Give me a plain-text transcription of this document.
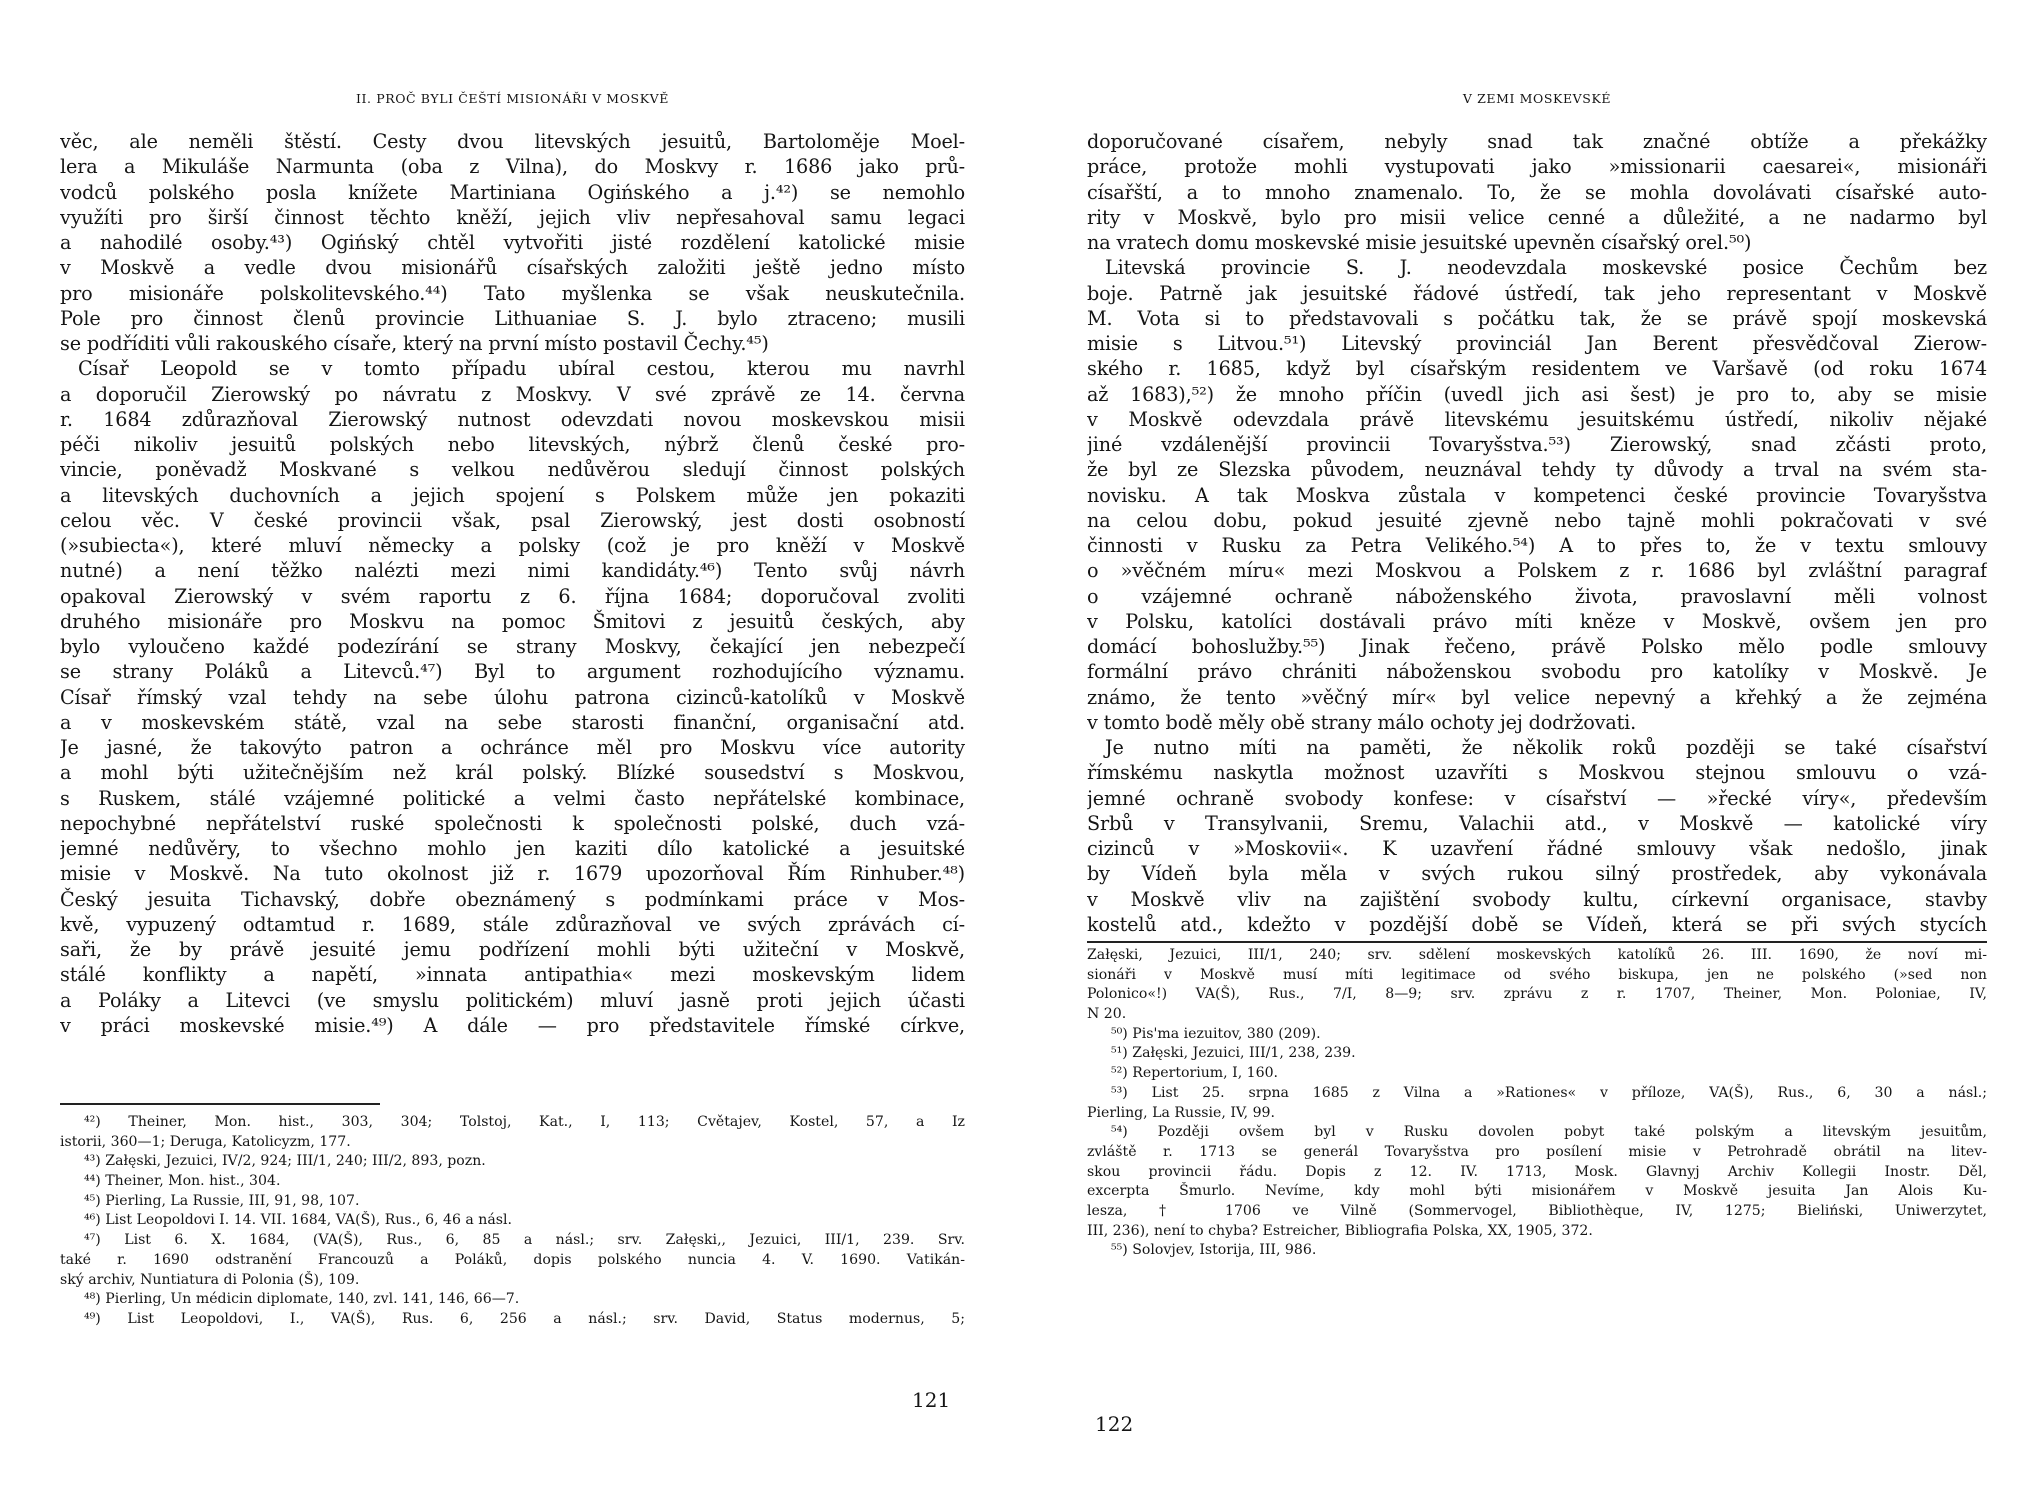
II. PROČ BYLI ČEŠTÍ MISIONÁŘI V MOSKVĚ
věc, ale neměli štěstí. Cesty dvou litevských jesuitů, Bartoloměje Moel-
lera a Mikuláše Narmunta (oba z Vilna), do Moskvy r. 1686 jako prů-
vodců polského posla knížete Martiniana Ogińského a j.⁴²) se nemohlo
využíti pro širší činnost těchto kněží, jejich vliv nepřesahoval samu legaci
a nahodilé osoby.⁴³) Ogińský chtěl vytvořiti jisté rozdělení katolické misie
v Moskvě a vedle dvou misionářů císařských založiti ještě jedno místo
pro misionáře polskolitevského.⁴⁴) Tato myšlenka se však neuskutečnila.
Pole pro činnost členů provincie Lithuaniae S. J. bylo ztraceno; musili
se podříditi vůli rakouského císaře, který na první místo postavil Čechy.⁴⁵)
Císař Leopold se v tomto případu ubíral cestou, kterou mu navrhl
a doporučil Zierowský po návratu z Moskvy. V své zprávě ze 14. června
r. 1684 zdůrazňoval Zierowský nutnost odevzdati novou moskevskou misii
péči nikoliv jesuitů polských nebo litevských, nýbrž členů české pro-
vincie, poněvadž Moskvané s velkou nedůvěrou sledují činnost polských
a litevských duchovních a jejich spojení s Polskem může jen pokaziti
celou věc. V české provincii však, psal Zierowský, jest dosti osobností
(»subiecta«), které mluví německy a polsky (což je pro kněží v Moskvě
nutné) a není těžko nalézti mezi nimi kandidáty.⁴⁶) Tento svůj návrh
opakoval Zierowský v svém raportu z 6. října 1684; doporučoval zvoliti
druhého misionáře pro Moskvu na pomoc Šmitovi z jesuitů českých, aby
bylo vyloučeno každé podezírání se strany Moskvy, čekající jen nebezpečí
se strany Poláků a Litevců.⁴⁷) Byl to argument rozhodujícího významu.
Císař římský vzal tehdy na sebe úlohu patrona cizinců-katolíků v Moskvě
a v moskevském státě, vzal na sebe starosti finanční, organisační atd.
Je jasné, že takovýto patron a ochránce měl pro Moskvu více autority
a mohl býti užitečnějším než král polský. Blízké sousedství s Moskvou,
s Ruskem, stálé vzájemné politické a velmi často nepřátelské kombinace,
nepochybné nepřátelství ruské společnosti k společnosti polské, duch vzá-
jemné nedůvěry, to všechno mohlo jen kaziti dílo katolické a jesuitské
misie v Moskvě. Na tuto okolnost již r. 1679 upozorňoval Řím Rinhuber.⁴⁸)
Český jesuita Tichavský, dobře obeznámený s podmínkami práce v Mos-
kvě, vypuzený odtamtud r. 1689, stále zdůrazňoval ve svých zprávách cí-
saři, že by právě jesuité jemu podřízení mohli býti užiteční v Moskvě,
stálé konflikty a napětí, »innata antipathia« mezi moskevským lidem
a Poláky a Litevci (ve smyslu politickém) mluví jasně proti jejich účasti
v práci moskevské misie.⁴⁹) A dále — pro představitele římské církve,
⁴²) Theiner, Mon. hist., 303, 304; Tolstoj, Kat., I, 113; Cvětajev, Kostel, 57, a Iz
istorii, 360—1; Deruga, Katolicyzm, 177.
⁴³) Załęski, Jezuici, IV/2, 924; III/1, 240; III/2, 893, pozn.
⁴⁴) Theiner, Mon. hist., 304.
⁴⁵) Pierling, La Russie, III, 91, 98, 107.
⁴⁶) List Leopoldovi I. 14. VII. 1684, VA(Š), Rus., 6, 46 a násl.
⁴⁷) List 6. X. 1684, (VA(Š), Rus., 6, 85 a násl.; srv. Załęski,, Jezuici, III/1, 239. Srv.
také r. 1690 odstranění Francouzů a Poláků, dopis polského nuncia 4. V. 1690. Vatikán-
ský archiv, Nuntiatura di Polonia (Š), 109.
⁴⁸) Pierling, Un médicin diplomate, 140, zvl. 141, 146, 66—7.
⁴⁹) List Leopoldovi, I., VA(Š), Rus. 6, 256 a násl.; srv. David, Status modernus, 5;
121
V ZEMI MOSKEVSKÉ
doporučované císařem, nebyly snad tak značné obtíže a překážky
práce, protože mohli vystupovati jako »missionarii caesarei«, misionáři
císařští, a to mnoho znamenalo. To, že se mohla dovolávati císařské auto-
rity v Moskvě, bylo pro misii velice cenné a důležité, a ne nadarmo byl
na vratech domu moskevské misie jesuitské upevněn císařský orel.⁵⁰)
Litevská provincie S. J. neodevzdala moskevské posice Čechům bez
boje. Patrně jak jesuitské řádové ústředí, tak jeho representant v Moskvě
M. Vota si to představovali s počátku tak, že se právě spojí moskevská
misie s Litvou.⁵¹) Litevský provinciál Jan Berent přesvědčoval Zierow-
ského r. 1685, když byl císařským residentem ve Varšavě (od roku 1674
až 1683),⁵²) že mnoho příčin (uvedl jich asi šest) je pro to, aby se misie
v Moskvě odevzdala právě litevskému jesuitskému ústředí, nikoliv nějaké
jiné vzdálenější provincii Tovaryšstva.⁵³) Zierowský, snad zčásti proto,
že byl ze Slezska původem, neuznával tehdy ty důvody a trval na svém sta-
novisku. A tak Moskva zůstala v kompetenci české provincie Tovaryšstva
na celou dobu, pokud jesuité zjevně nebo tajně mohli pokračovati v své
činnosti v Rusku za Petra Velikého.⁵⁴) A to přes to, že v textu smlouvy
o »věčném míru« mezi Moskvou a Polskem z r. 1686 byl zvláštní paragraf
o vzájemné ochraně náboženského života, pravoslavní měli volnost
v Polsku, katolíci dostávali právo míti kněze v Moskvě, ovšem jen pro
domácí bohoslužby.⁵⁵) Jinak řečeno, právě Polsko mělo podle smlouvy
formální právo chrániti náboženskou svobodu pro katolíky v Moskvě. Je
známo, že tento »věčný mír« byl velice nepevný a křehký a že zejména
v tomto bodě měly obě strany málo ochoty jej dodržovati.
Je nutno míti na paměti, že několik roků později se také císařství
římskému naskytla možnost uzavříti s Moskvou stejnou smlouvu o vzá-
jemné ochraně svobody konfese: v císařství — »řecké víry«, především
Srbů v Transylvanii, Sremu, Valachii atd., v Moskvě — katolické víry
cizinců v »Moskovii«. K uzavření řádné smlouvy však nedošlo, jinak
by Vídeň byla měla v svých rukou silný prostředek, aby vykonávala
v Moskvě vliv na zajištění svobody kultu, církevní organisace, stavby
kostelů atd., kdežto v pozdější době se Vídeň, která se při svých stycích
Załęski, Jezuici, III/1, 240; srv. sdělení moskevských katolíků 26. III. 1690, že noví mi-
sionáři v Moskvě musí míti legitimace od svého biskupa, jen ne polského (»sed non
Polonico«!) VA(Š), Rus., 7/I, 8—9; srv. zprávu z r. 1707, Theiner, Mon. Poloniae, IV,
N 20.
⁵⁰) Pis'ma iezuitov, 380 (209).
⁵¹) Załęski, Jezuici, III/1, 238, 239.
⁵²) Repertorium, I, 160.
⁵³) List 25. srpna 1685 z Vilna a »Rationes« v příloze, VA(Š), Rus., 6, 30 a násl.;
Pierling, La Russie, IV, 99.
⁵⁴) Později ovšem byl v Rusku dovolen pobyt také polským a litevským jesuitům,
zvláště r. 1713 se generál Tovaryšstva pro posílení misie v Petrohradě obrátil na litev-
skou provincii řádu. Dopis z 12. IV. 1713, Mosk. Glavnyj Archiv Kollegii Inostr. Děl,
excerpta Šmurlo. Nevíme, kdy mohl býti misionářem v Moskvě jesuita Jan Alois Ku-
lesza, † 1706 ve Vilně (Sommervogel, Bibliothèque, IV, 1275; Bieliński, Uniwerzytet,
III, 236), není to chyba? Estreicher, Bibliografia Polska, XX, 1905, 372.
⁵⁵) Solovjev, Istorija, III, 986.
122
